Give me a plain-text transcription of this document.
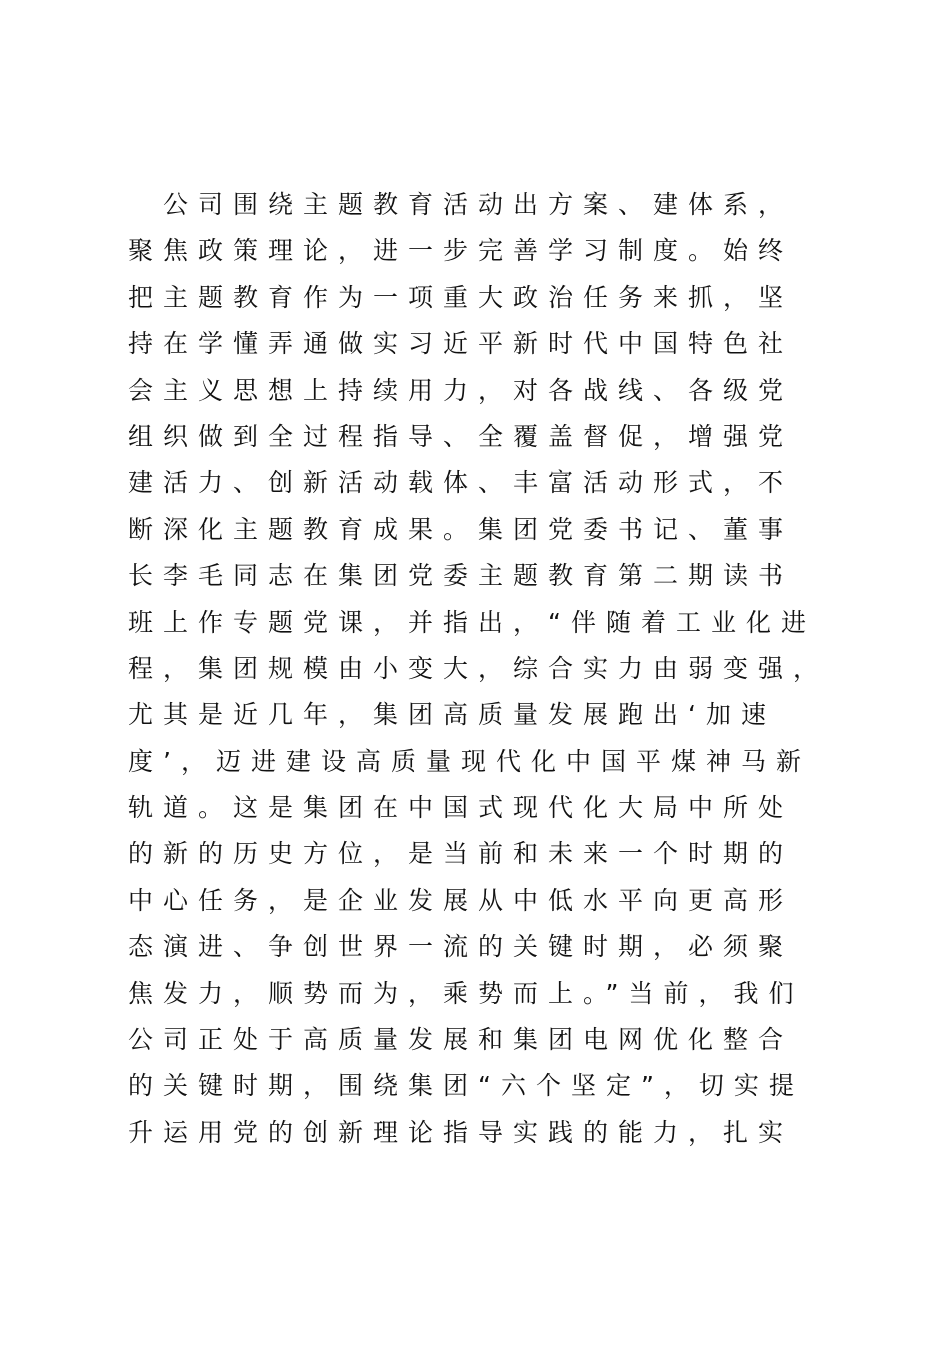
　公司围绕主题教育活动出方案、建体系，
聚焦政策理论，进一步完善学习制度。始终
把主题教育作为一项重大政治任务来抓，坚
持在学懂弄通做实习近平新时代中国特色社
会主义思想上持续用力，对各战线、各级党
组织做到全过程指导、全覆盖督促，增强党
建活力、创新活动载体、丰富活动形式，不
断深化主题教育成果。集团党委书记、董事
长李毛同志在集团党委主题教育第二期读书
班上作专题党课，并指出，“伴随着工业化进
程，集团规模由小变大，综合实力由弱变强，
尤其是近几年，集团高质量发展跑出‘加速
度’，迈进建设高质量现代化中国平煤神马新
轨道。这是集团在中国式现代化大局中所处
的新的历史方位，是当前和未来一个时期的
中心任务，是企业发展从中低水平向更高形
态演进、争创世界一流的关键时期，必须聚
焦发力，顺势而为，乘势而上。”当前，我们
公司正处于高质量发展和集团电网优化整合
的关键时期，围绕集团“六个坚定”，切实提
升运用党的创新理论指导实践的能力，扎实
